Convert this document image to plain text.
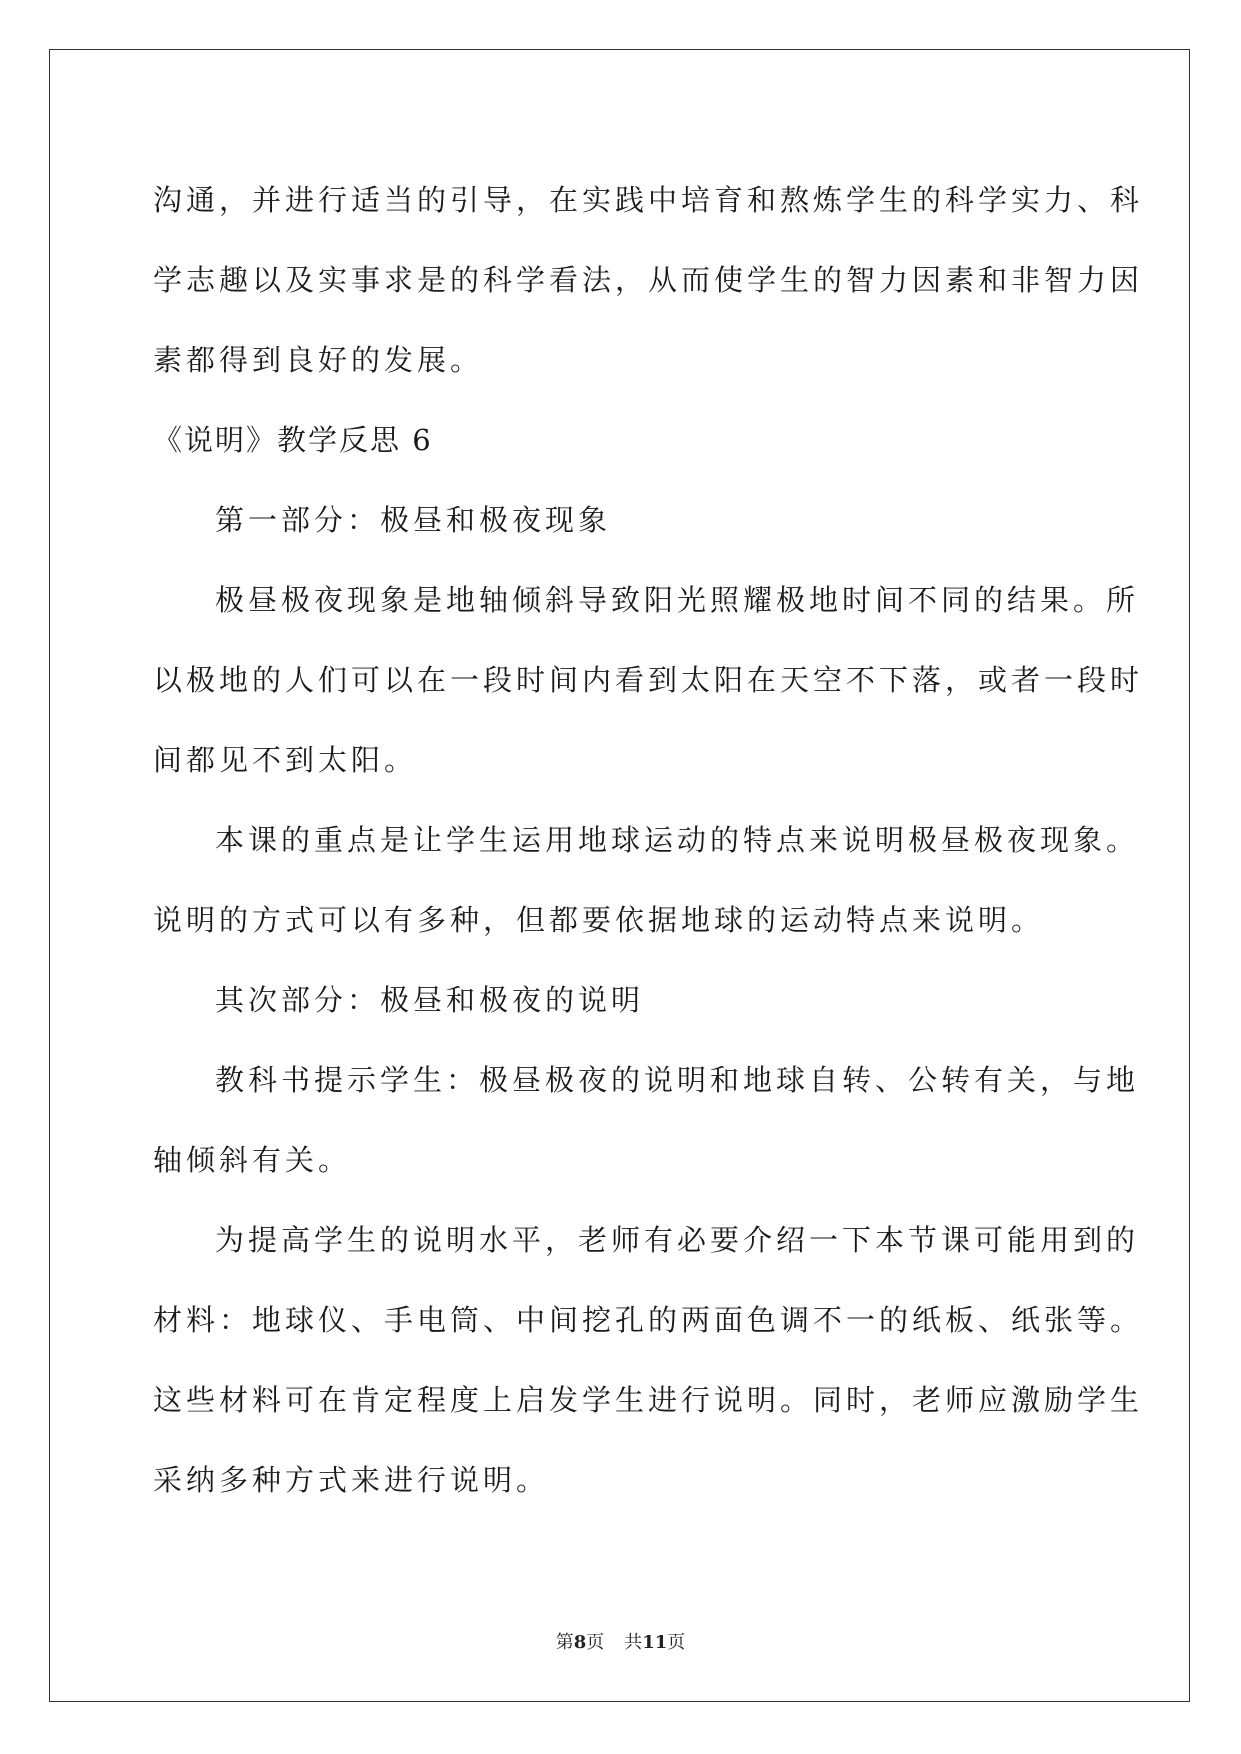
沟通，并进行适当的引导，在实践中培育和熬炼学生的科学实力、科
学志趣以及实事求是的科学看法，从而使学生的智力因素和非智力因
素都得到良好的发展。
《说明》教学反思 6
第一部分：极昼和极夜现象
极昼极夜现象是地轴倾斜导致阳光照耀极地时间不同的结果。所
以极地的人们可以在一段时间内看到太阳在天空不下落，或者一段时
间都见不到太阳。
本课的重点是让学生运用地球运动的特点来说明极昼极夜现象。
说明的方式可以有多种，但都要依据地球的运动特点来说明。
其次部分：极昼和极夜的说明
教科书提示学生：极昼极夜的说明和地球自转、公转有关，与地
轴倾斜有关。
为提高学生的说明水平，老师有必要介绍一下本节课可能用到的
材料：地球仪、手电筒、中间挖孔的两面色调不一的纸板、纸张等。
这些材料可在肯定程度上启发学生进行说明。同时，老师应激励学生
采纳多种方式来进行说明。
第8页 共11页
